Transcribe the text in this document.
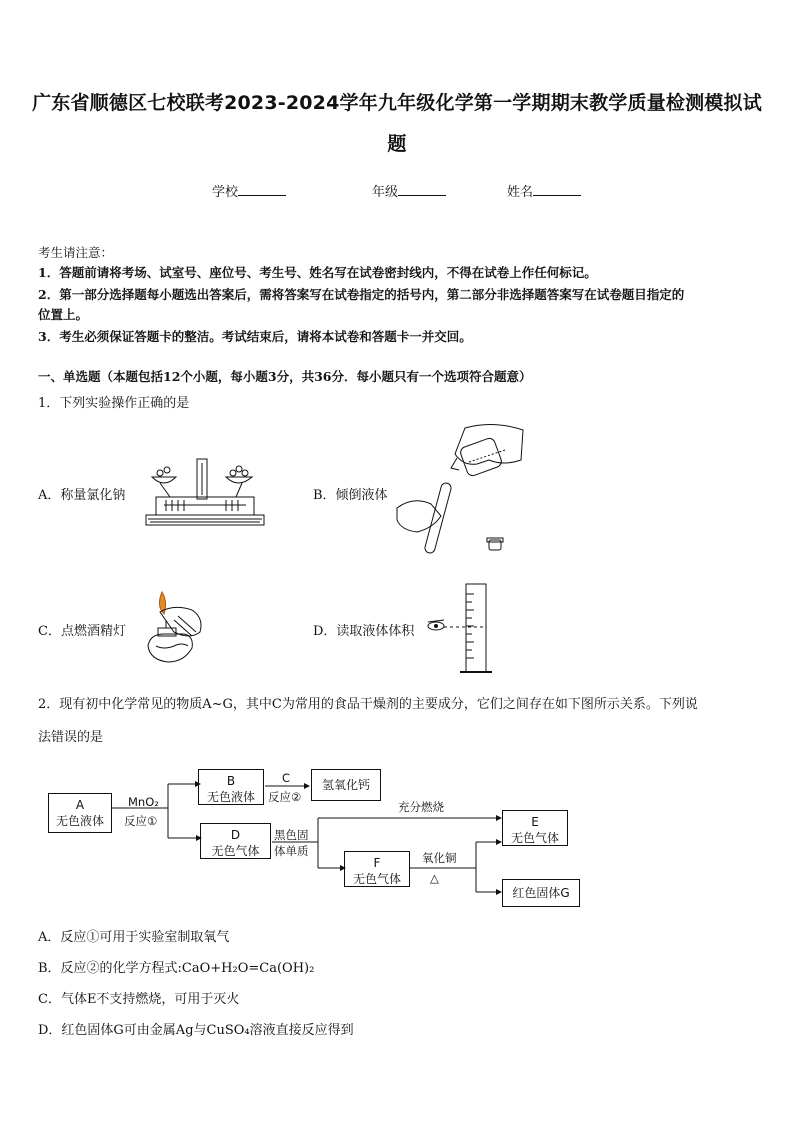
广东省顺德区七校联考2023-2024学年九年级化学第一学期期末教学质量检测模拟试
题
学校	年级	姓名
考生请注意：
1．答题前请将考场、试室号、座位号、考生号、姓名写在试卷密封线内，不得在试卷上作任何标记。
2．第一部分选择题每小题选出答案后，需将答案写在试卷指定的括号内，第二部分非选择题答案写在试卷题目指定的
位置上。
3．考生必须保证答题卡的整洁。考试结束后，请将本试卷和答题卡一并交回。
一、单选题（本题包括12个小题，每小题3分，共36分．每小题只有一个选项符合题意）
1．下列实验操作正确的是
A．称量氯化钠	B．倾倒液体
C．点燃酒精灯	D．读取液体体积
2．现有初中化学常见的物质A~G，其中C为常用的食品干燥剂的主要成分，它们之间存在如下图所示关系。下列说
法错误的是
A
无色液体
B
无色液体
氢氧化钙
D
无色气体
F
无色气体
E
无色气体
红色固体G
MnO₂
反应①
C
反应②
黑色固
体单质
充分燃烧
氧化铜
△
A．反应①可用于实验室制取氧气
B．反应②的化学方程式:CaO+H₂O=Ca(OH)₂
C．气体E不支持燃烧，可用于灭火
D．红色固体G可由金属Ag与CuSO₄溶液直接反应得到
